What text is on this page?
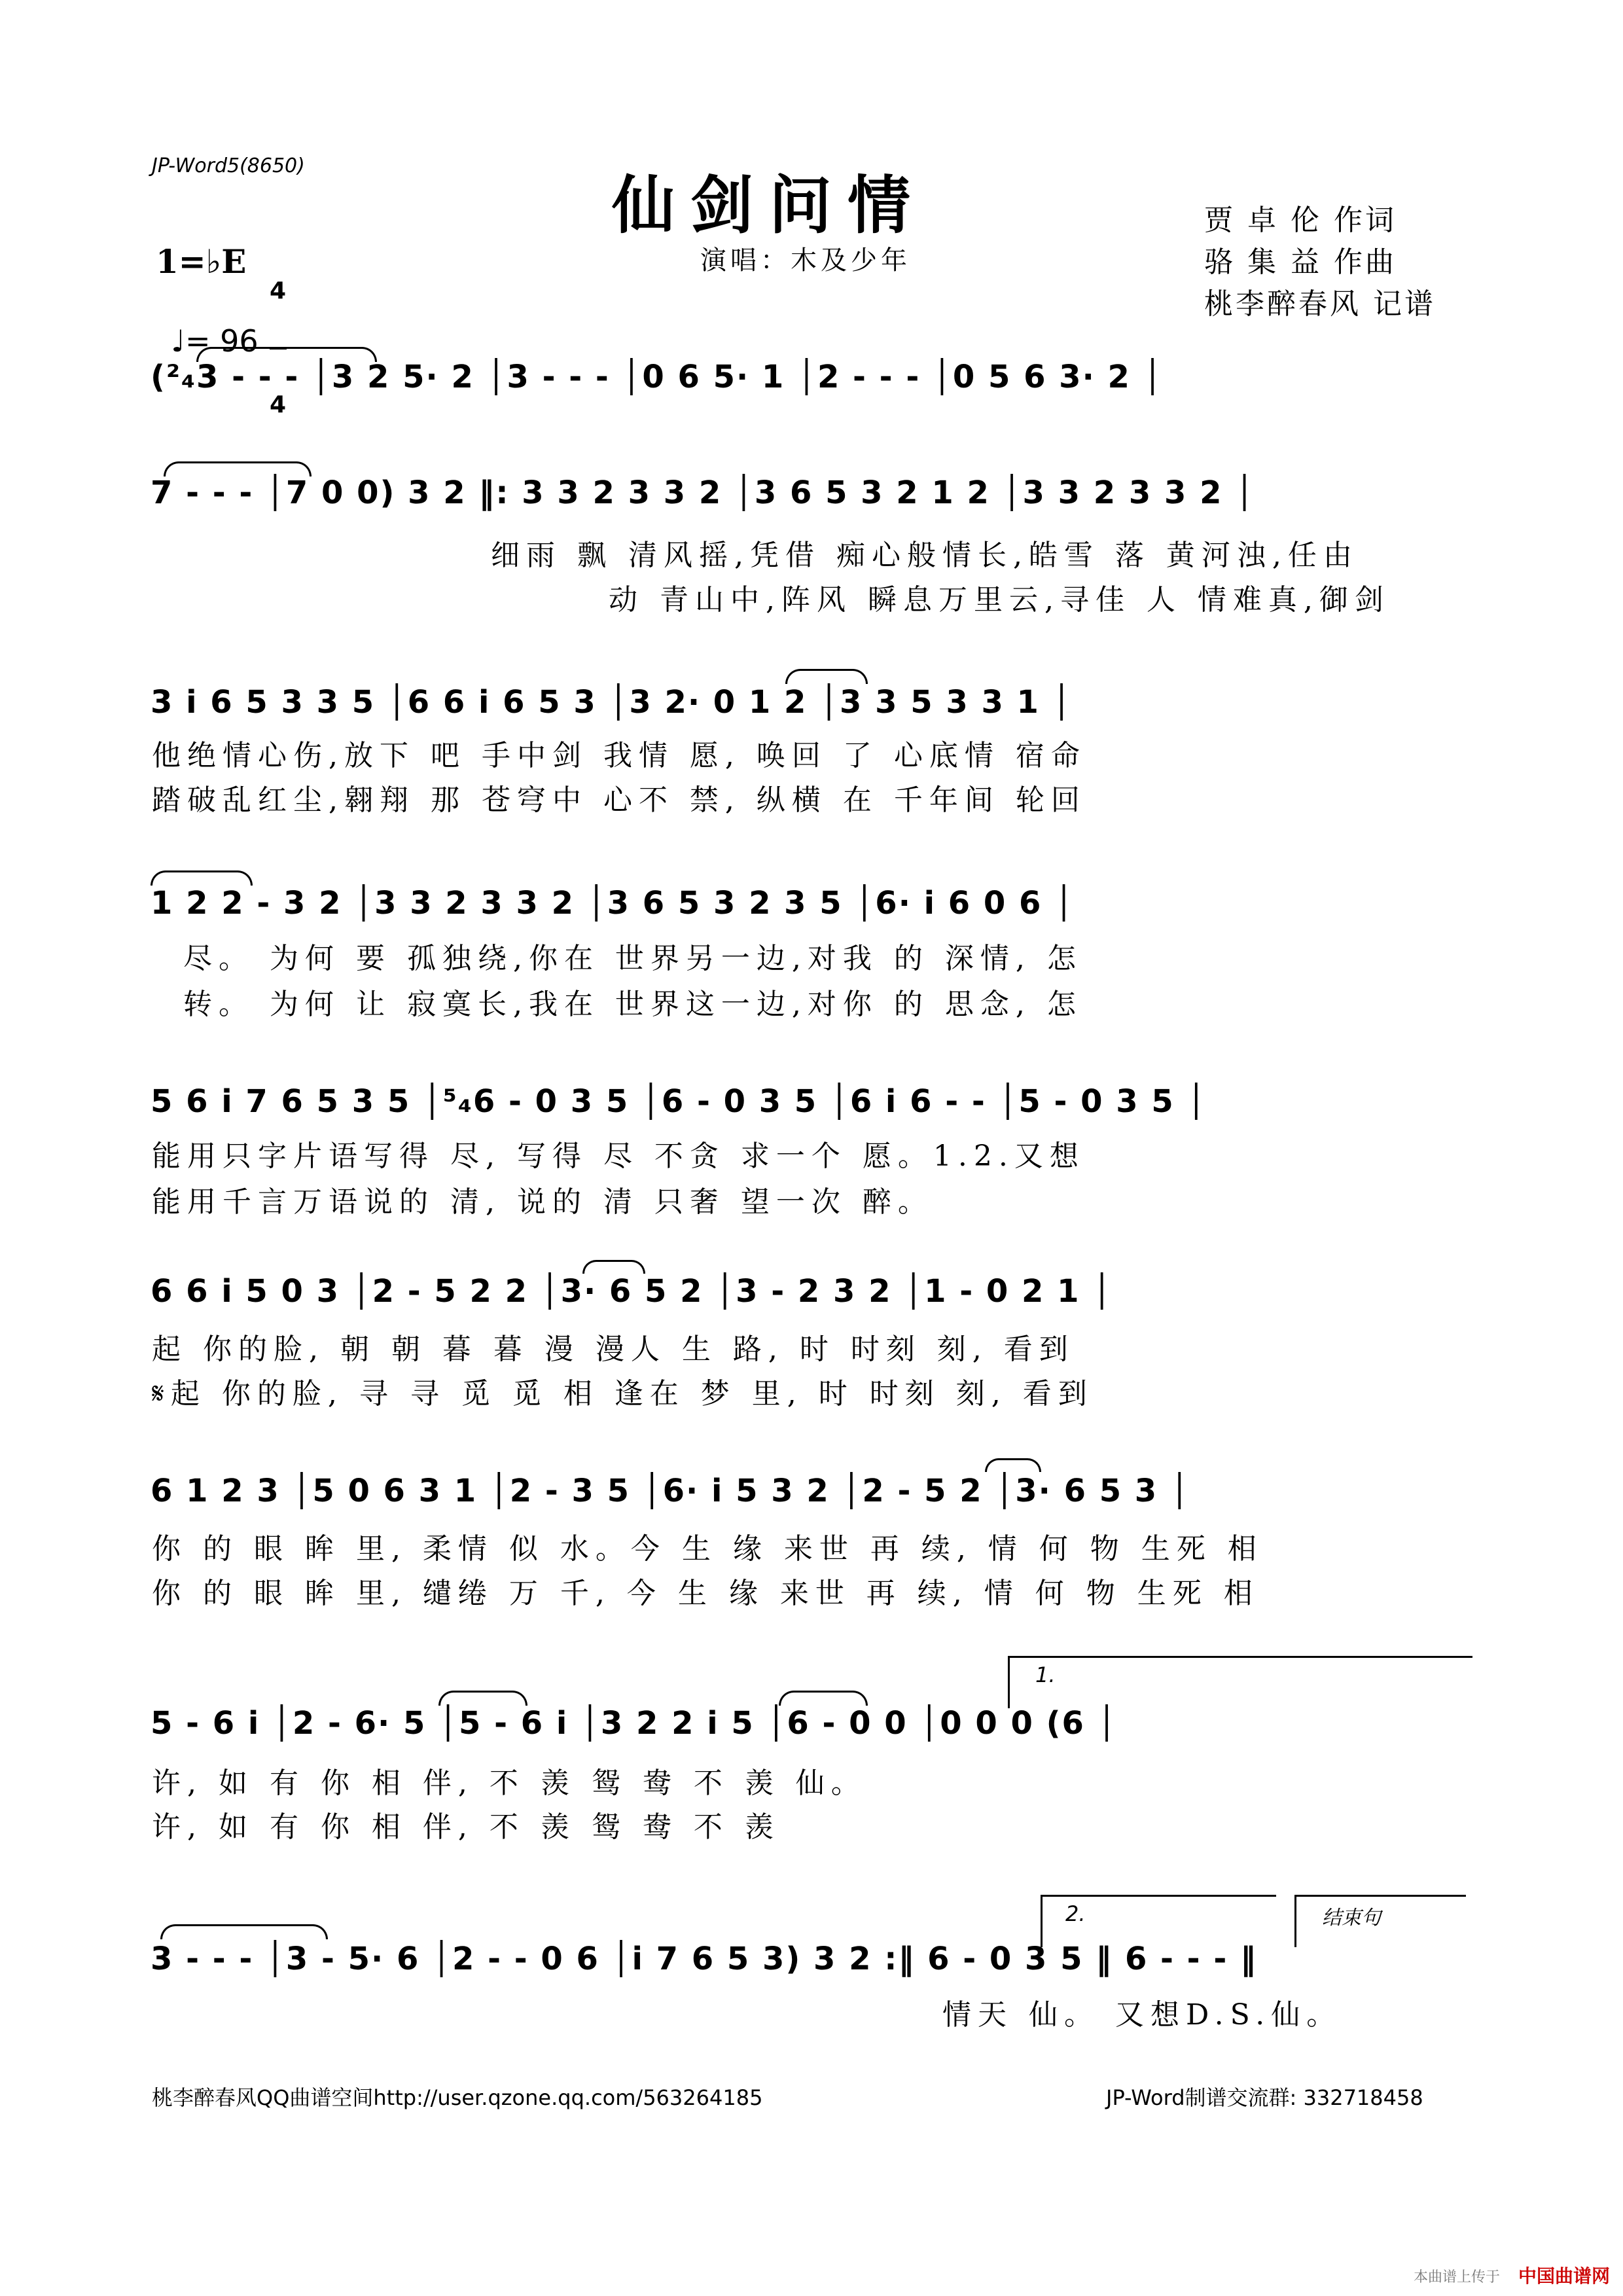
JP-Word5(8650)
仙剑问情
演唱：木及少年
贾 卓 伦 作词
骆 集 益 作曲
桃李醉春风 记谱
1=♭E

4

4

♩= 96

(²₄3 - - - │3 2 5· 2 │3 - - - │0 6 5· 1 │2 - - - │0 5 6 3· 2 │
7 - - - │7 0 0) 3 2 ‖: 3 3 2 3 3 2 │3 6 5 3 2 1 2 │3 3 2 3 3 2 │
细雨 飘 清风摇,凭借 痴心般情长,皓雪 落 黄河浊,任由
动 青山中,阵风 瞬息万里云,寻佳 人 情难真,御剑
3 i 6 5 3 3 5 │6 6 i 6 5 3 │3 2· 0 1 2 │3 3 5 3 3 1 │
他绝情心伤,放下 吧 手中剑 我情 愿, 唤回 了 心底情 宿命
踏破乱红尘,翱翔 那 苍穹中 心不 禁, 纵横 在 千年间 轮回
1 2 2 - 3 2 │3 3 2 3 3 2 │3 6 5 3 2 3 5 │6· i 6 0 6 │
尽。 为何 要 孤独绕,你在 世界另一边,对我 的 深情, 怎
转。 为何 让 寂寞长,我在 世界这一边,对你 的 思念, 怎
5 6 i 7 6 5 3 5 │⁵₄6 - 0 3 5 │6 - 0 3 5 │6 i 6 - - │5 - 0 3 5 │
能用只字片语写得 尽, 写得 尽 不贪 求一个 愿。1.2.又想
能用千言万语说的 清, 说的 清 只奢 望一次 醉。
6 6 i 5 0 3 │2 - 5 2 2 │3· 6 5 2 │3 - 2 3 2 │1 - 0 2 1 │
起 你的脸, 朝 朝 暮 暮 漫 漫人 生 路, 时 时刻 刻, 看到
𝄋起 你的脸, 寻 寻 觅 觅 相 逢在 梦 里, 时 时刻 刻, 看到
6 1 2 3 │5 0 6 3 1 │2 - 3 5 │6· i 5 3 2 │2 - 5 2 │3· 6 5 3 │
你 的 眼 眸 里, 柔情 似 水。今 生 缘 来世 再 续, 情 何 物 生死 相
你 的 眼 眸 里, 缱绻 万 千, 今 生 缘 来世 再 续, 情 何 物 生死 相
1.
5 - 6 i │2 - 6· 5 │5 - 6 i │3 2 2 i 5 │6 - 0 0 │0 0 0 (6 │
许, 如 有 你 相 伴, 不 羡 鸳 鸯 不 羡 仙。
许, 如 有 你 相 伴, 不 羡 鸳 鸯 不 羡
2.	结束句
3 - - - │3 - 5· 6 │2 - - 0 6 │i 7 6 5 3) 3 2 :‖ 6 - 0 3 5 ‖ 6 - - - ‖
情天 仙。 又想D.S.仙。
桃李醉春风QQ曲谱空间http://user.qzone.qq.com/563264185	JP-Word制谱交流群: 332718458
本曲谱上传于 中国曲谱网
